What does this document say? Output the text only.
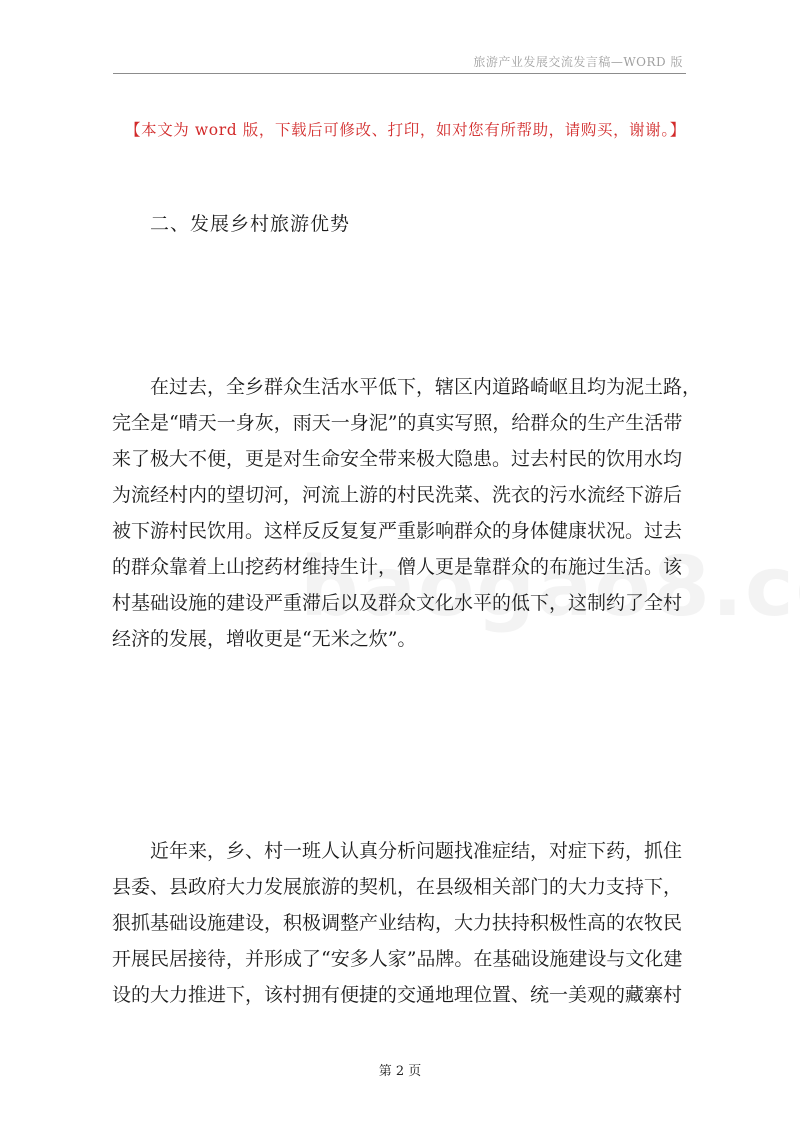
旅游产业发展交流发言稿—WORD 版
【本文为 word 版，下载后可修改、打印，如对您有所帮助，请购买，谢谢。】
二、发展乡村旅游优势
在过去，全乡群众生活水平低下，辖区内道路崎岖且均为泥土路，
完全是“晴天一身灰，雨天一身泥”的真实写照，给群众的生产生活带
来了极大不便，更是对生命安全带来极大隐患。过去村民的饮用水均
为流经村内的望切河，河流上游的村民洗菜、洗衣的污水流经下游后
被下游村民饮用。这样反反复复严重影响群众的身体健康状况。过去
的群众靠着上山挖药材维持生计，僧人更是靠群众的布施过生活。该
村基础设施的建设严重滞后以及群众文化水平的低下，这制约了全村
经济的发展，增收更是“无米之炊”。
近年来，乡、村一班人认真分析问题找准症结，对症下药，抓住
县委、县政府大力发展旅游的契机，在县级相关部门的大力支持下，
狠抓基础设施建设，积极调整产业结构，大力扶持积极性高的农牧民
开展民居接待，并形成了“安多人家”品牌。在基础设施建设与文化建
设的大力推进下，该村拥有便捷的交通地理位置、统一美观的藏寨村
第 2 页
